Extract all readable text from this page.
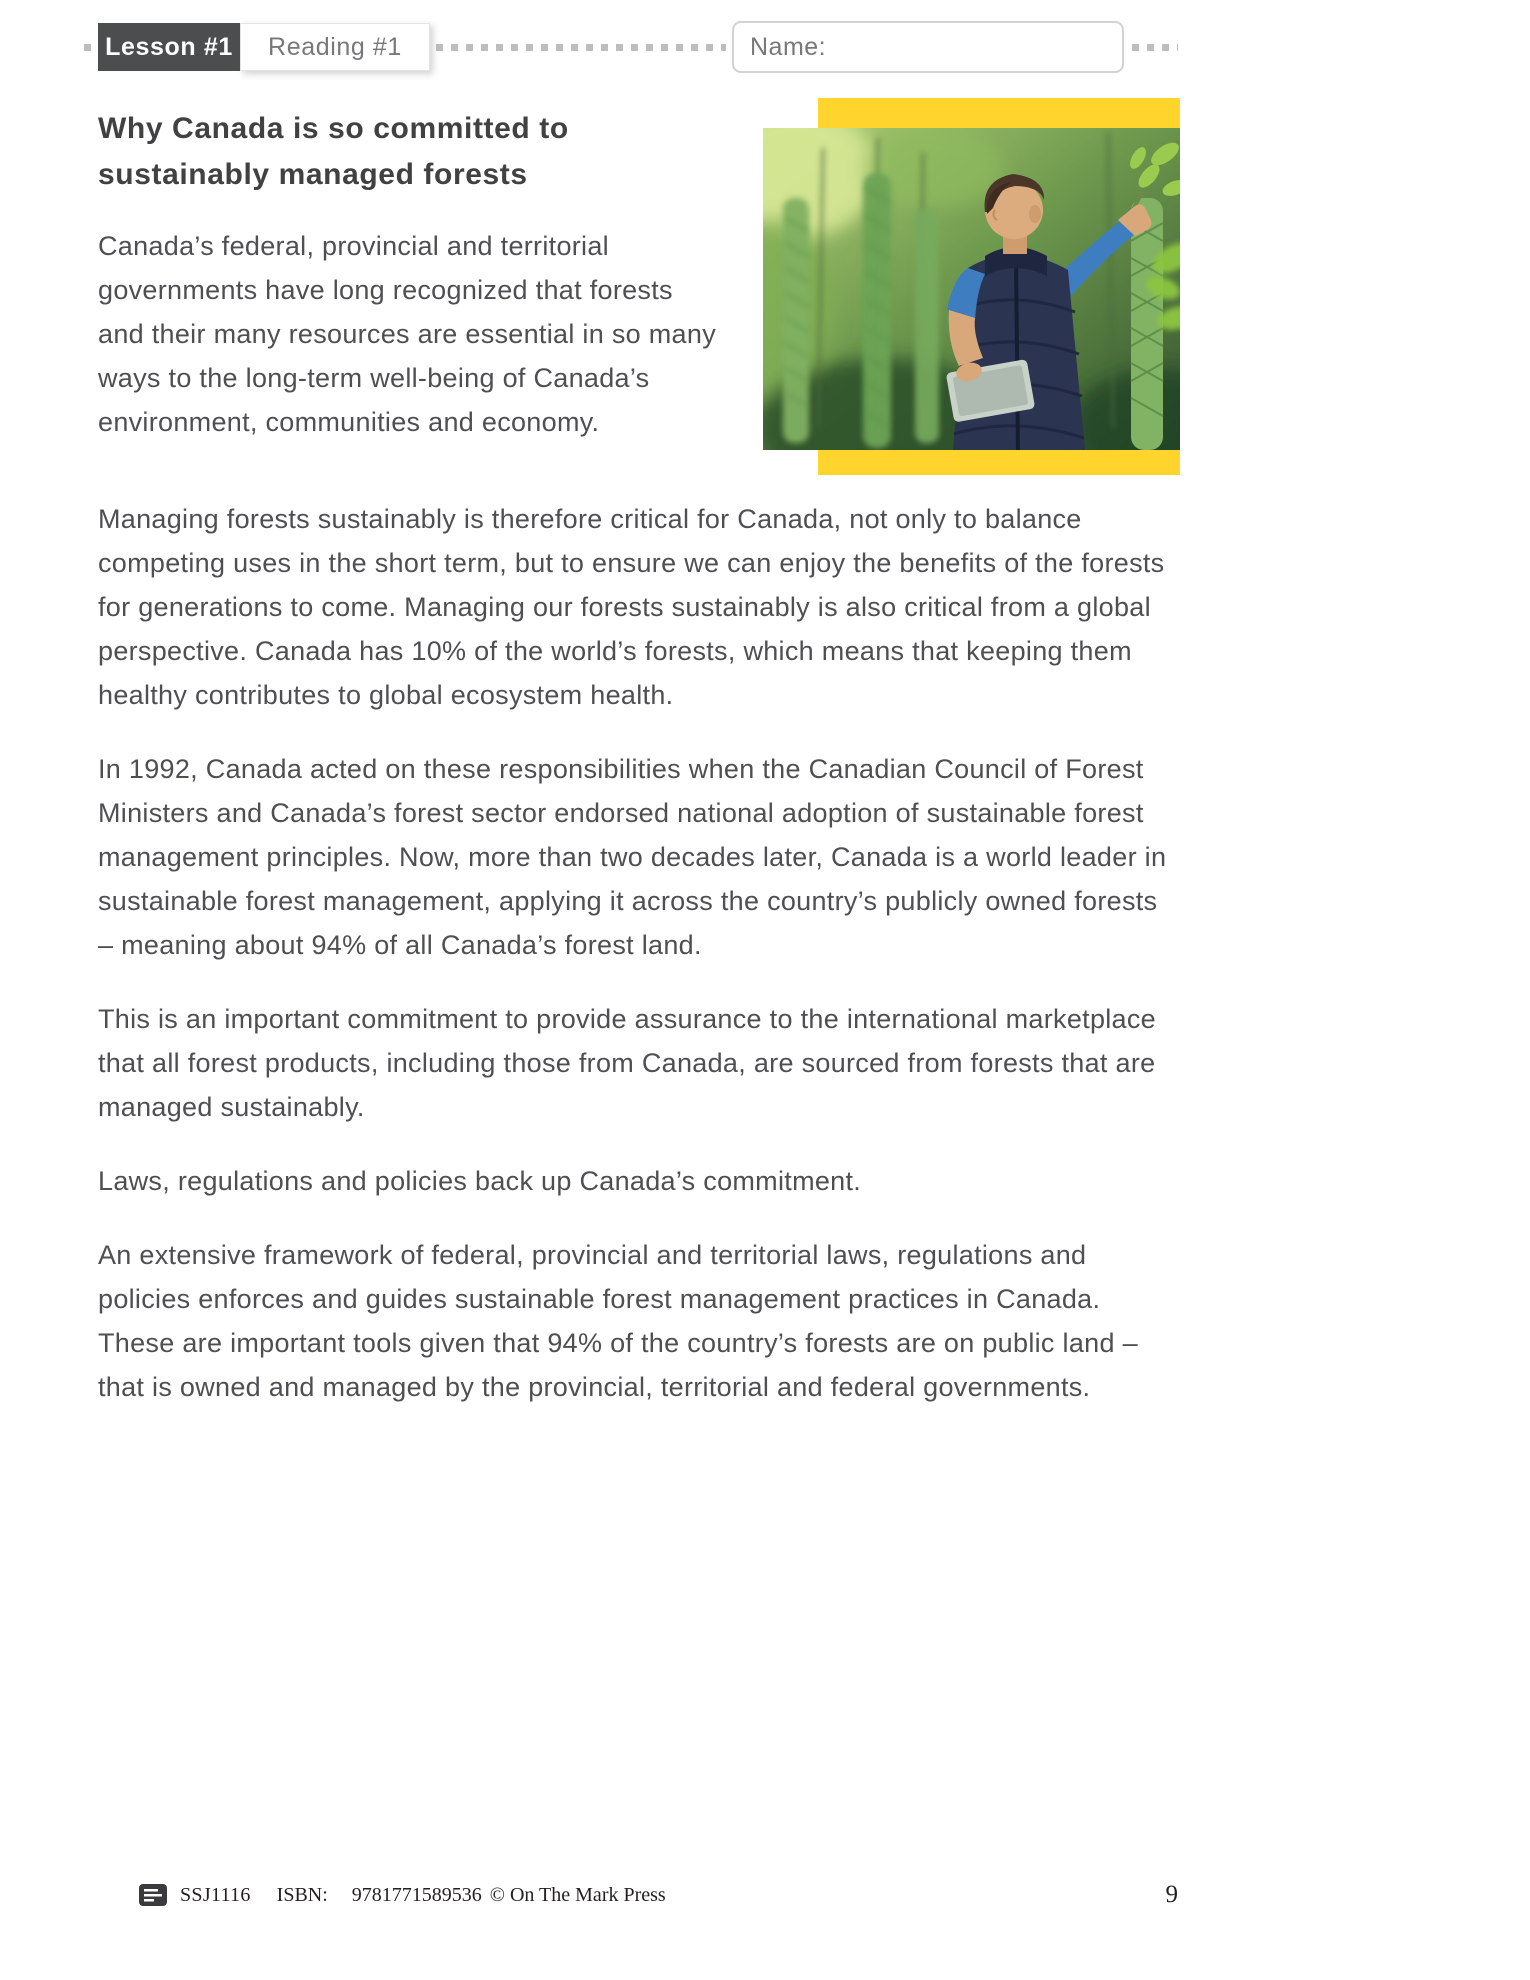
Lesson #1	Reading #1	Name:
Why Canada is so committed to sustainably managed forests

Canada’s federal, provincial and territorial governments have long recognized that forests and their many resources are essential in so many ways to the long-term well-being of Canada’s environment, communities and economy.

Managing forests sustainably is therefore critical for Canada, not only to balance competing uses in the short term, but to ensure we can enjoy the benefits of the forests for generations to come. Managing our forests sustainably is also critical from a global perspective. Canada has 10% of the world’s forests, which means that keeping them healthy contributes to global ecosystem health.

In 1992, Canada acted on these responsibilities when the Canadian Council of Forest Ministers and Canada’s forest sector endorsed national adoption of sustainable forest management principles. Now, more than two decades later, Canada is a world leader in sustainable forest management, applying it across the country’s publicly owned forests – meaning about 94% of all Canada’s forest land.

This is an important commitment to provide assurance to the international marketplace that all forest products, including those from Canada, are sourced from forests that are managed sustainably.

Laws, regulations and policies back up Canada’s commitment.

An extensive framework of federal, provincial and territorial laws, regulations and policies enforces and guides sustainable forest management practices in Canada. These are important tools given that 94% of the country’s forests are on public land – that is owned and managed by the provincial, territorial and federal governments.

SSJ1116 ISBN: 9781771589536 © On The Mark Press	9
